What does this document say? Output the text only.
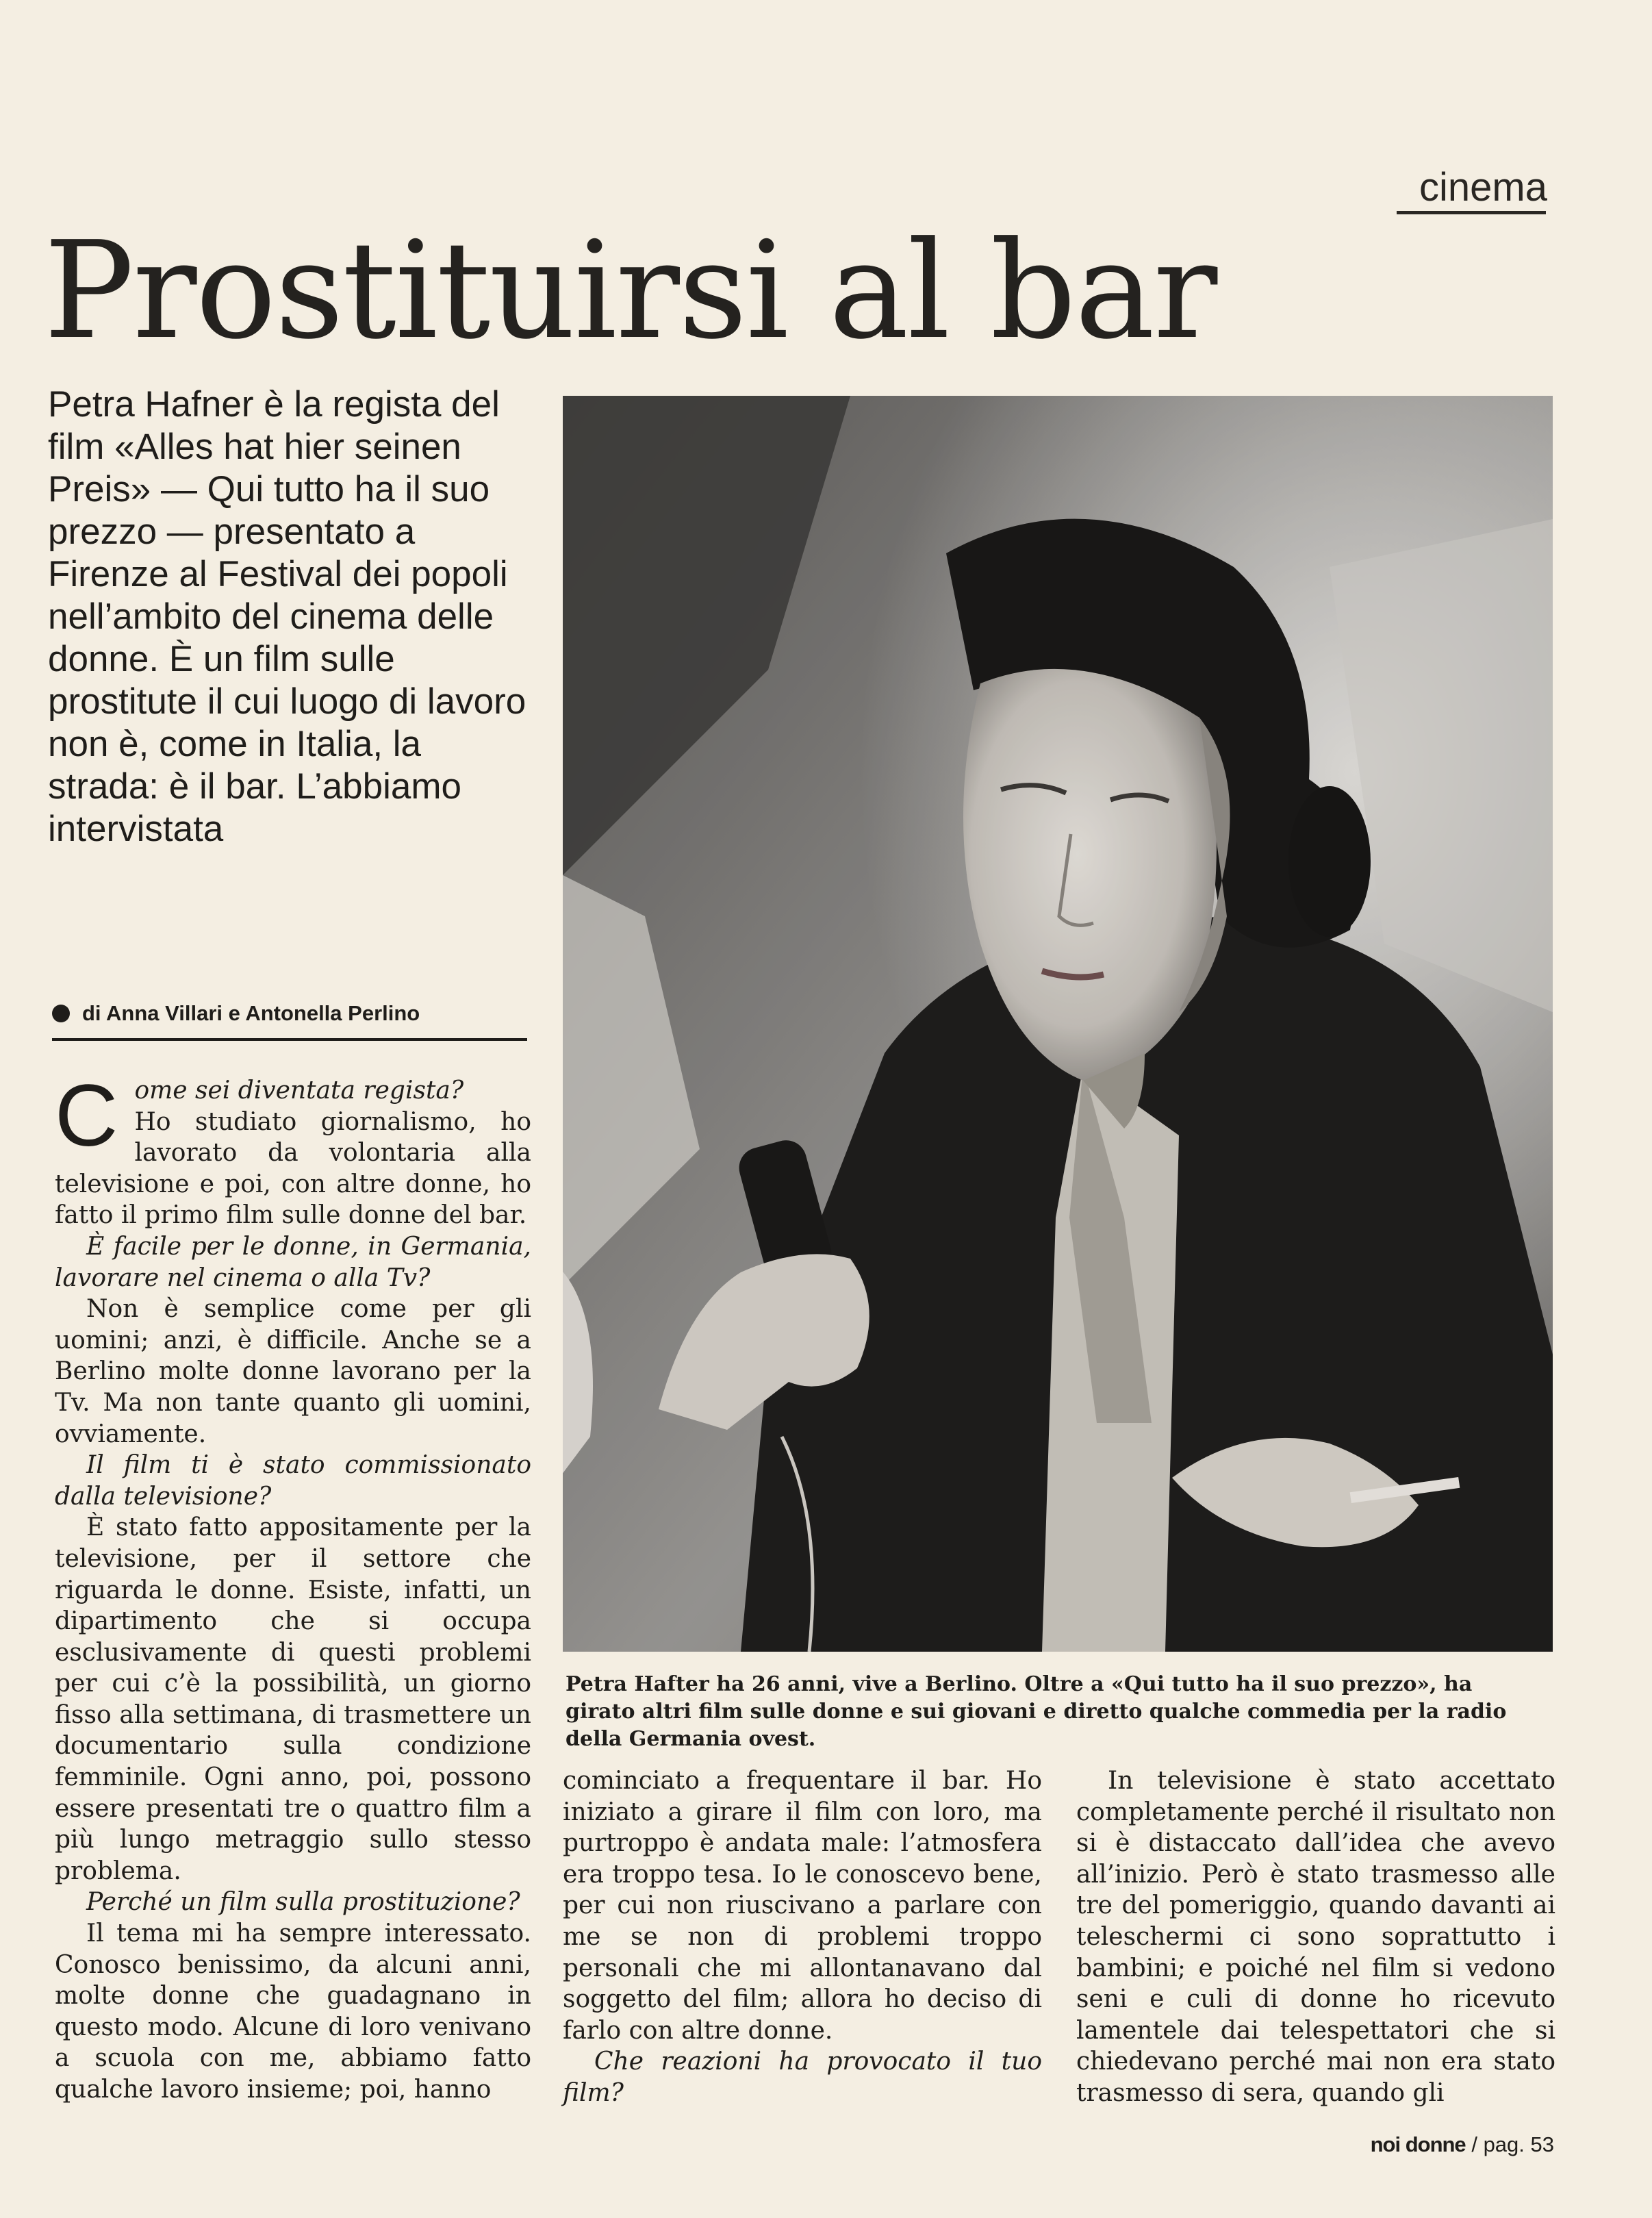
cinema
Prostituirsi al bar
Petra Hafner è la regista del film «Alles hat hier seinen Preis» — Qui tutto ha il suo prezzo — presentato a Firenze al Festival dei popoli nell’ambito del cinema delle donne. È un film sulle prostitute il cui luogo di lavoro non è, come in Italia, la strada: è il bar. L’abbiamo intervistata
di Anna Villari e Antonella Perlino
Petra Hafter ha 26 anni, vive a Berlino. Oltre a «Qui tutto ha il suo prezzo», ha girato altri film sulle donne e sui giovani e diretto qualche commedia per la radio della Germania ovest.

Come sei diventata regista?
Ho studiato giornalismo, ho lavorato da volontaria alla televisione e poi, con altre donne, ho fatto il primo film sulle donne del bar.

È facile per le donne, in Germania, lavorare nel cinema o alla Tv?

Non è semplice come per gli uomini; anzi, è difficile. Anche se a Berlino molte donne lavorano per la Tv. Ma non tante quanto gli uomini, ovviamente.

Il film ti è stato commissionato dalla televisione?

È stato fatto appositamente per la televisione, per il settore che riguarda le donne. Esiste, infatti, un dipartimento che si occupa esclusivamente di questi problemi per cui c’è la possibilità, un giorno fisso alla settimana, di trasmettere un documentario sulla condizione femminile. Ogni anno, poi, possono essere presentati tre o quattro film a più lungo metraggio sullo stesso problema.

Perché un film sulla prostituzione?

Il tema mi ha sempre interessato. Conosco benissimo, da alcuni anni, molte donne che guadagnano in questo modo. Alcune di loro venivano a scuola con me, abbiamo fatto qualche lavoro insieme; poi, hanno

cominciato a frequentare il bar. Ho iniziato a girare il film con loro, ma purtroppo è andata male: l’atmosfera era troppo tesa. Io le conoscevo bene, per cui non riuscivano a parlare con me se non di problemi troppo personali che mi allontanavano dal soggetto del film; allora ho deciso di farlo con altre donne.

Che reazioni ha provocato il tuo film?

In televisione è stato accettato completamente perché il risultato non si è distaccato dall’idea che avevo all’inizio. Però è stato trasmesso alle tre del pomeriggio, quando davanti ai teleschermi ci sono soprattutto i bambini; e poiché nel film si vedono seni e culi di donne ho ricevuto lamentele dai telespettatori che si chiedevano perché mai non era stato trasmesso di sera, quando gli

noi donne / pag. 53
